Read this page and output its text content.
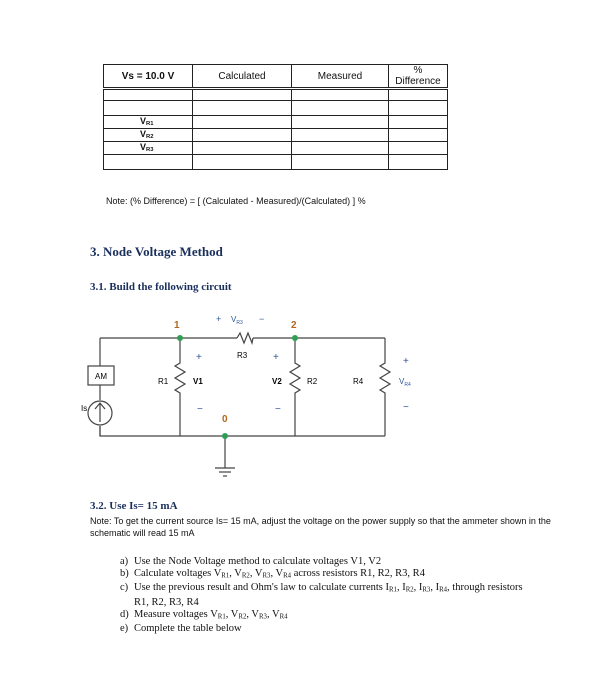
Vs = 10.0 V	Calculated	Measured	% Difference

$V_{R1}$			
$V_{R2}$			
$V_{R3}$			

Note: (% Difference) = [ (Calculated - Measured)/(Calculated) ] %
3. Node Voltage Method
3.1. Build the following circuit
AM
Is
1	2
0
+ $V_{R3}$ −
R3
+
R1	V1
−
+
V2	R2
−
R4
+
$V_{R4}$
−
3.2. Use Is= 15 mA
Note: To get the current source Is= 15 mA, adjust the voltage on the power supply so that the ammeter shown in the schematic will read 15 mA
a) Use the Node Voltage method to calculate voltages V1, V2
b) Calculate voltages $V_{R1}$, $V_{R2}$, $V_{R3}$, $V_{R4}$ across resistors R1, R2, R3, R4
c) Use the previous result and Ohm's law to calculate currents $I_{R1}$, $I_{R2}$, $I_{R3}$, $I_{R4}$, through resistors R1, R2, R3, R4
d) Measure voltages $V_{R1}$, $V_{R2}$, $V_{R3}$, $V_{R4}$
e) Complete the table below
